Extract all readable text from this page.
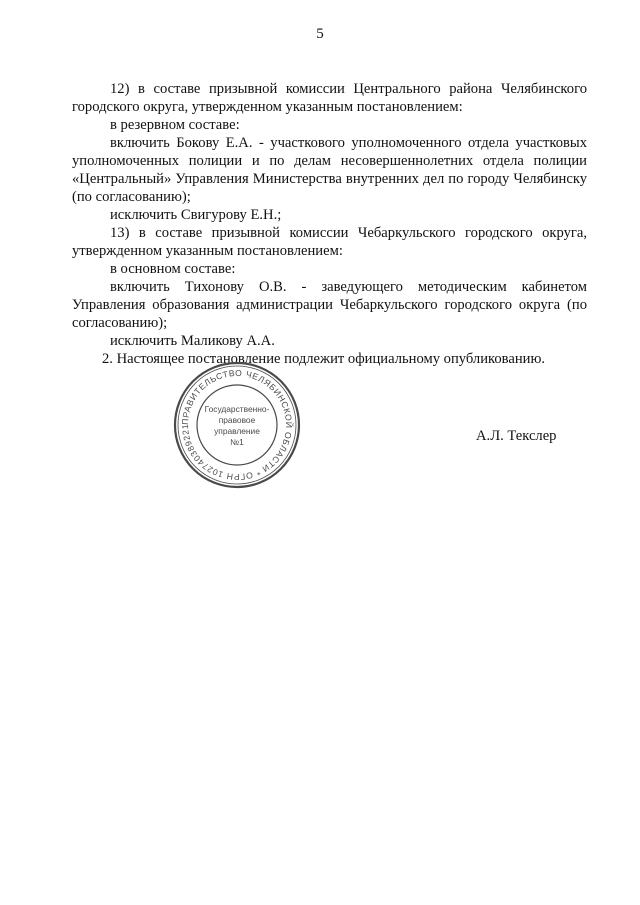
5

12) в составе призывной комиссии Центрального района Челябинского городского округа, утвержденном указанным постановлением:

в резервном составе:

включить Бокову Е.А. - участкового уполномоченного отдела участковых уполномоченных полиции и по делам несовершеннолетних отдела полиции «Центральный» Управления Министерства внутренних дел по городу Челябинску (по согласованию);

исключить Свигурову Е.Н.;

13) в составе призывной комиссии Чебаркульского городского округа, утвержденном указанным постановлением:

в основном составе:

включить Тихонову О.В. - заведующего методическим кабинетом Управления образования администрации Чебаркульского городского округа (по согласованию);

исключить Маликову А.А.

2. Настоящее постановление подлежит официальному опубликованию.

ПРАВИТЕЛЬСТВО ЧЕЛЯБИНСКОЙ ОБЛАСТИ * ОГРН 102740389221
Государственно-
правовое
управление
№1	А.Л. Текслер
